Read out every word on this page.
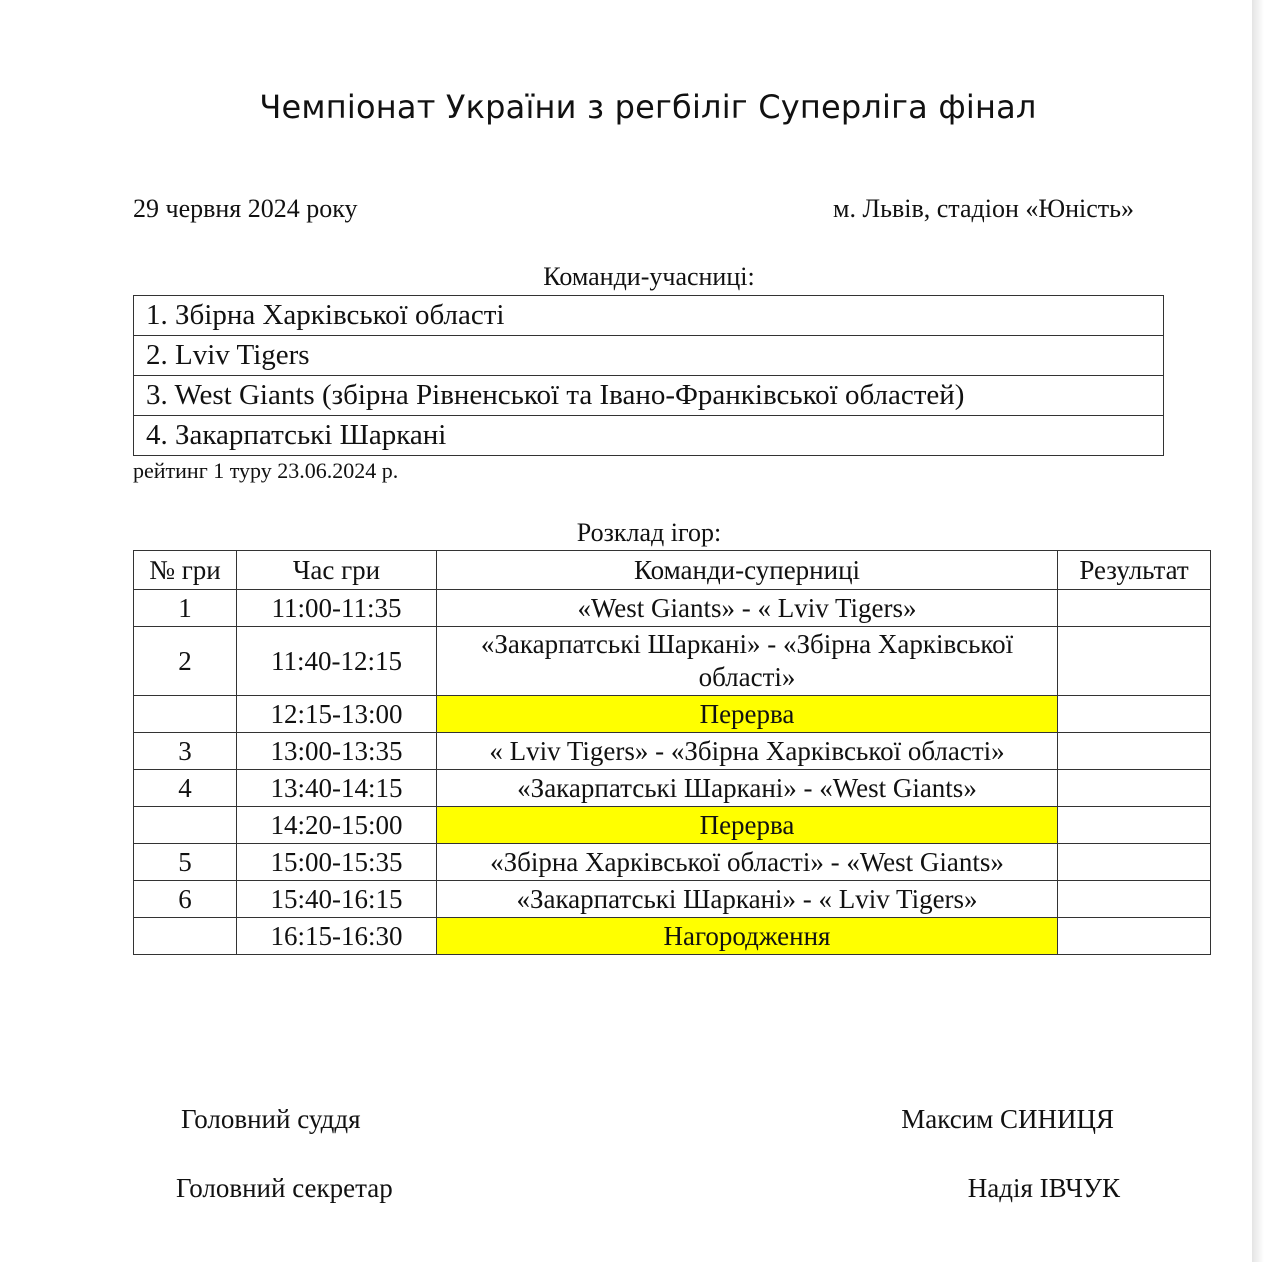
Чемпіонат України з регбіліг Суперліга фінал
29 червня 2024 року	м. Львів, стадіон «Юність»
Команди-учасниці:
1. Збірна Харківської області
2. Lviv Tigers
3. West Giants (збірна Рівненської та Івано-Франківської областей)
4. Закарпатські Шаркані
рейтинг 1 туру 23.06.2024 р.
Розклад ігор:
№ гри	Час гри	Команди-суперниці	Результат
1	11:00-11:35	«West Giants» - « Lviv Tigers»	
2	11:40-12:15	«Закарпатські Шаркані» - «Збірна Харківської області»	
	12:15-13:00	Перерва	
3	13:00-13:35	« Lviv Tigers» - «Збірна Харківської області»	
4	13:40-14:15	«Закарпатські Шаркані» - «West Giants»	
	14:20-15:00	Перерва	
5	15:00-15:35	«Збірна Харківської області» - «West Giants»	
6	15:40-16:15	«Закарпатські Шаркані» - « Lviv Tigers»	
	16:15-16:30	Нагородження	
Головний суддя	Максим СИНИЦЯ
Головний секретар	Надія ІВЧУК
